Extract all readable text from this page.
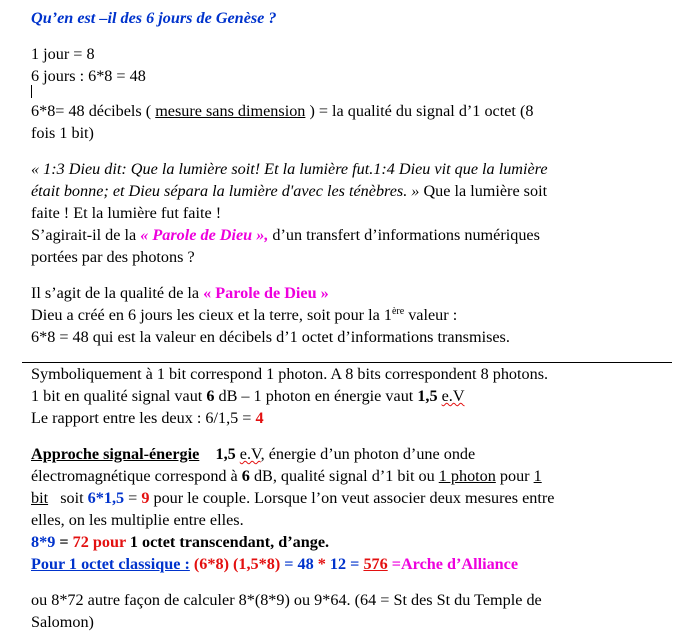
Qu’en est –il des 6 jours de Genèse ?
1 jour = 8
6 jours : 6*8 = 48
6*8= 48 décibels ( mesure sans dimension ) = la qualité du signal d’1 octet (8
fois 1 bit)
« 1:3 Dieu dit: Que la lumière soit! Et la lumière fut.1:4 Dieu vit que la lumière
était bonne; et Dieu sépara la lumière d'avec les ténèbres. » Que la lumière soit
faite ! Et la lumière fut faite !
S’agirait-il de la « Parole de Dieu », d’un transfert d’informations numériques
portées par des photons ?
Il s’agit de la qualité de la « Parole de Dieu »
Dieu a créé en 6 jours les cieux et la terre, soit pour la 1ère valeur :
6*8 = 48 qui est la valeur en décibels d’1 octet d’informations transmises.
Symboliquement à 1 bit correspond 1 photon. A 8 bits correspondent 8 photons.
1 bit en qualité signal vaut 6 dB – 1 photon en énergie vaut 1,5 e.V
Le rapport entre les deux : 6/1,5 = 4
Approche signal-énergie 1,5 e.V, énergie d’un photon d’une onde
électromagnétique correspond à 6 dB, qualité signal d’1 bit ou 1 photon pour 1
bit   soit 6*1,5 = 9 pour le couple. Lorsque l’on veut associer deux mesures entre
elles, on les multiplie entre elles.
8*9 = 72 pour 1 octet transcendant, d’ange.
Pour 1 octet classique : (6*8) (1,5*8) = 48 * 12 = 576 =Arche d’Alliance
ou 8*72 autre façon de calculer 8*(8*9) ou 9*64. (64 = St des St du Temple de
Salomon)
